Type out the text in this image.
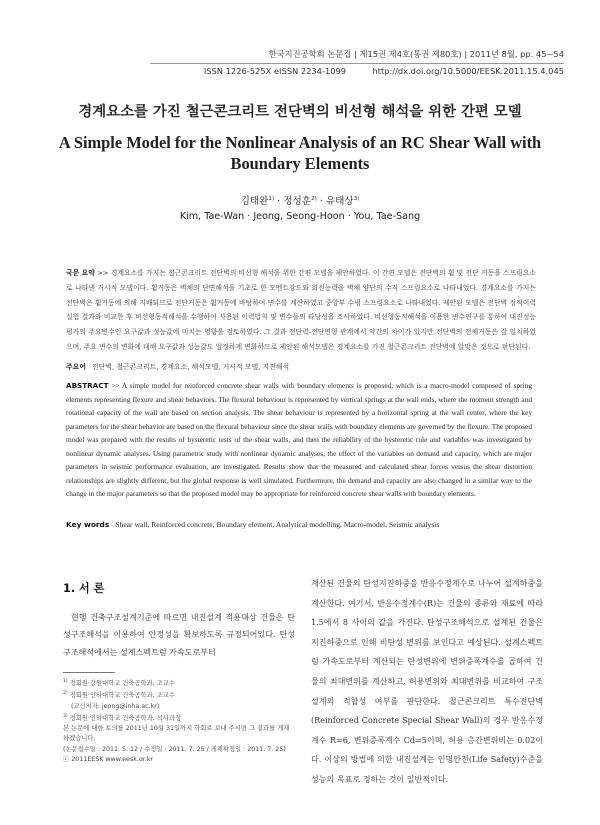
한국지진공학회 논문집 | 제15권 제4호(통권 제80호) | 2011년 8월, pp. 45~54
ISSN 1226-525X eISSN 2234-1099          http://dx.doi.org/10.5000/EESK.2011.15.4.045
경계요소를 가진 철근콘크리트 전단벽의 비선형 해석을 위한 간편 모델
A Simple Model for the Nonlinear Analysis of an RC Shear Wall with Boundary Elements
김태완$^{1)}$ · 정성훈$^{2)}$ · 유태상$^{3)}$
Kim, Tae-Wan · Jeong, Seong-Hoon · You, Tae-Sang
국문 요약 >> 경계요소를 가지는 철근콘크리트 전단벽의 비선형 해석을 위한 간편 모델을 제안하였다. 이 간편 모델은 전단벽의 휨 및 전단 거동을 스프링요소로 나타낸 거시적 모델이다. 휨거동은 벽체의 단면해석을 기초로 한 모멘트강도와 회전능력을 벽체 양단의 수직 스프링요소로 나타내었다. 경계요소를 가지는 전단벽은 휨거동에 의해 지배되므로 전단거동은 휨거동에 바탕하여 변수를 계산하였고 중앙부 수평 스프링요소로 나타내었다. 제안된 모델은 전단벽 정적이력실험 결과와 비교한 후 비선형동적해석을 수행하여 사용된 이력법칙 및 변수들의 타당성을 조사하였다. 비선형동적해석을 이용한 변수연구를 통하여 내진성능평가의 주요변수인 요구값과 성능값에 미치는 영향을 검토하였다. 그 결과 전단력-전단변형 관계에서 약간의 차이가 있지만 전단벽의 전체거동은 잘 일치하였으며, 주요 변수의 변화에 대해 요구값과 성능값도 일정하게 변화하므로 제안된 해석모델은 경계요소를 가진 철근콘크리트 전단벽에 알맞은 것으로 판단된다.
주요어 전단벽, 철근콘크리트, 경계요소, 해석모델, 거시적 모델, 지진해석
ABSTRACT >> A simple model for reinforced concrete shear walls with boundary elements is proposed, which is a macro-model composed of spring elements representing flexure and shear behaviors. The flexural behaviour is represented by vertical springs at the wall ends, where the moment strength and rotational capacity of the wall are based on section analysis. The shear behaviour is represented by a horizontal spring at the wall center, where the key parameters for the shear behavior are based on the flexural behaviour since the shear walls with boundary elements are governed by the flexure. The proposed model was prepared with the results of hysteretic tests of the shear walls, and then the reliability of the hysteretic rule and variables was investigated by nonlinear dynamic analyses. Using parametric study with nonlinear dynamic analyses, the effect of the variables on demand and capacity, which are major parameters in seismic performance evaluation, are investigated. Results show that the measured and calculated shear forces versus the shear distortion relationships are slightly different, but the global response is well simulated. Furthermore, the demand and capacity are also changed in a similar way to the change in the major parameters so that the proposed model may be appropriate for reinforced concrete shear walls with boundary elements.
Key words Shear wall, Reinforced concrete, Boundary element, Analytical modelling, Macro-model, Seismic analysis
1. 서 론

현행 건축구조설계기준에 따르면 내진설계 적용대상 건물은 탄성구조해석을 이용하여 안정성을 확보하도록 규정되어있다. 탄성구조해석에서는 설계스펙트럼 가속도로부터

$^{1)}$ 정회원·강원대학교 건축공학과, 조교수
$^{2)}$ 정회원·인하대학교 건축공학과, 조교수
(교신저자: jeong@inha.ac.kr)
$^{3)}$ 정회원·인하대학교 건축공학과, 석사과정
본 논문에 대한 토의를 2011년 10월 31일까지 학회로 보내 주시면 그 결과를 게재하겠습니다.
(논문접수일 : 2011. 5. 12 / 수정일 : 2011. 7. 25 / 게재확정일 : 2011. 7. 25)
ⓒ 2011EESK www.eesk.or.kr

계산된 건물의 탄성지진하중을 반응수정계수로 나누어 설계하중을 계산한다. 여기서, 반응수정계수(R)는 건물의 종류와 재료에 따라 1.5에서 8 사이의 값을 가진다. 탄성구조해석으로 설계된 건물은 지진하중으로 인해 비탄성 변위를 보인다고 예상된다. 설계스펙트럼 가속도로부터 계산되는 탄성변위에 변위증폭계수를 곱하여 건물의 최대변위를 계산하고, 허용변위와 최대변위를 비교하여 구조설계의 적합성 여부를 판단한다. 철근콘크리트 특수전단벽(Reinforced Concrete Special Shear Wall)의 경우 반응수정계수 R=6, 변위증폭계수 Cd=5이며, 허용 층간변위비는 0.02이다. 이상의 방법에 의한 내진설계는 인명안전(Life Safety)수준을 성능의 목표로 정하는 것이 일반적이다.
